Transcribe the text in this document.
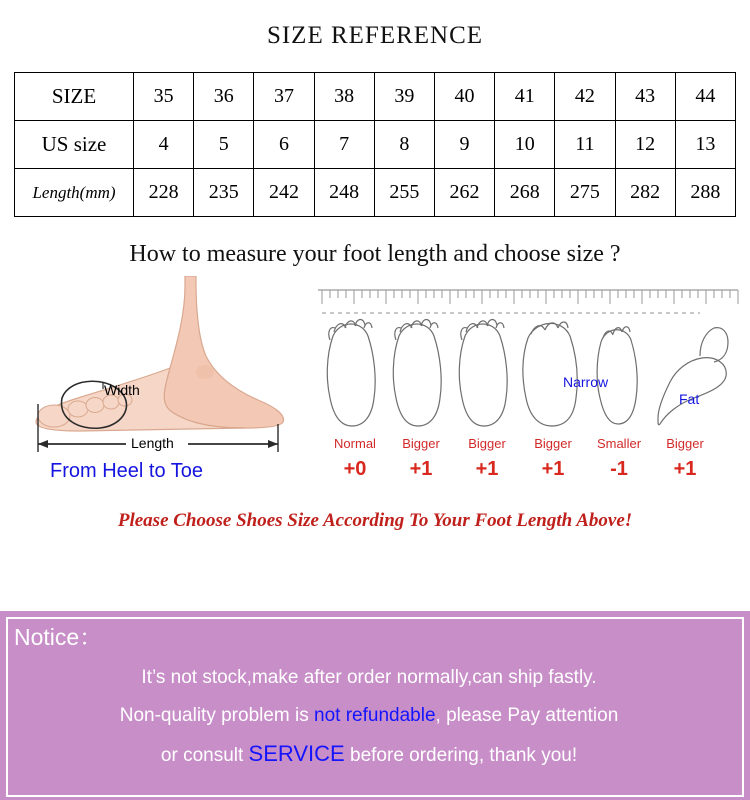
SIZE REFERENCE
SIZE	35	36	37	38	39	40	41	42	43	44
US size	4	5	6	7	8	9	10	11	12	13
Length(mm)	228	235	242	248	255	262	268	275	282	288
How to measure your foot length and choose size ?
Width
Length
From Heel to Toe
Narrow
Fat
Normal	Bigger	Bigger	Bigger	Smaller	Bigger
+0	+1	+1	+1	-1	+1
Please Choose Shoes Size According To Your Foot Length Above!
Notice：
It’s not stock,make after order normally,can ship fastly.
Non-quality problem is not refundable, please Pay attention
or consult SERVICE before ordering, thank you!
